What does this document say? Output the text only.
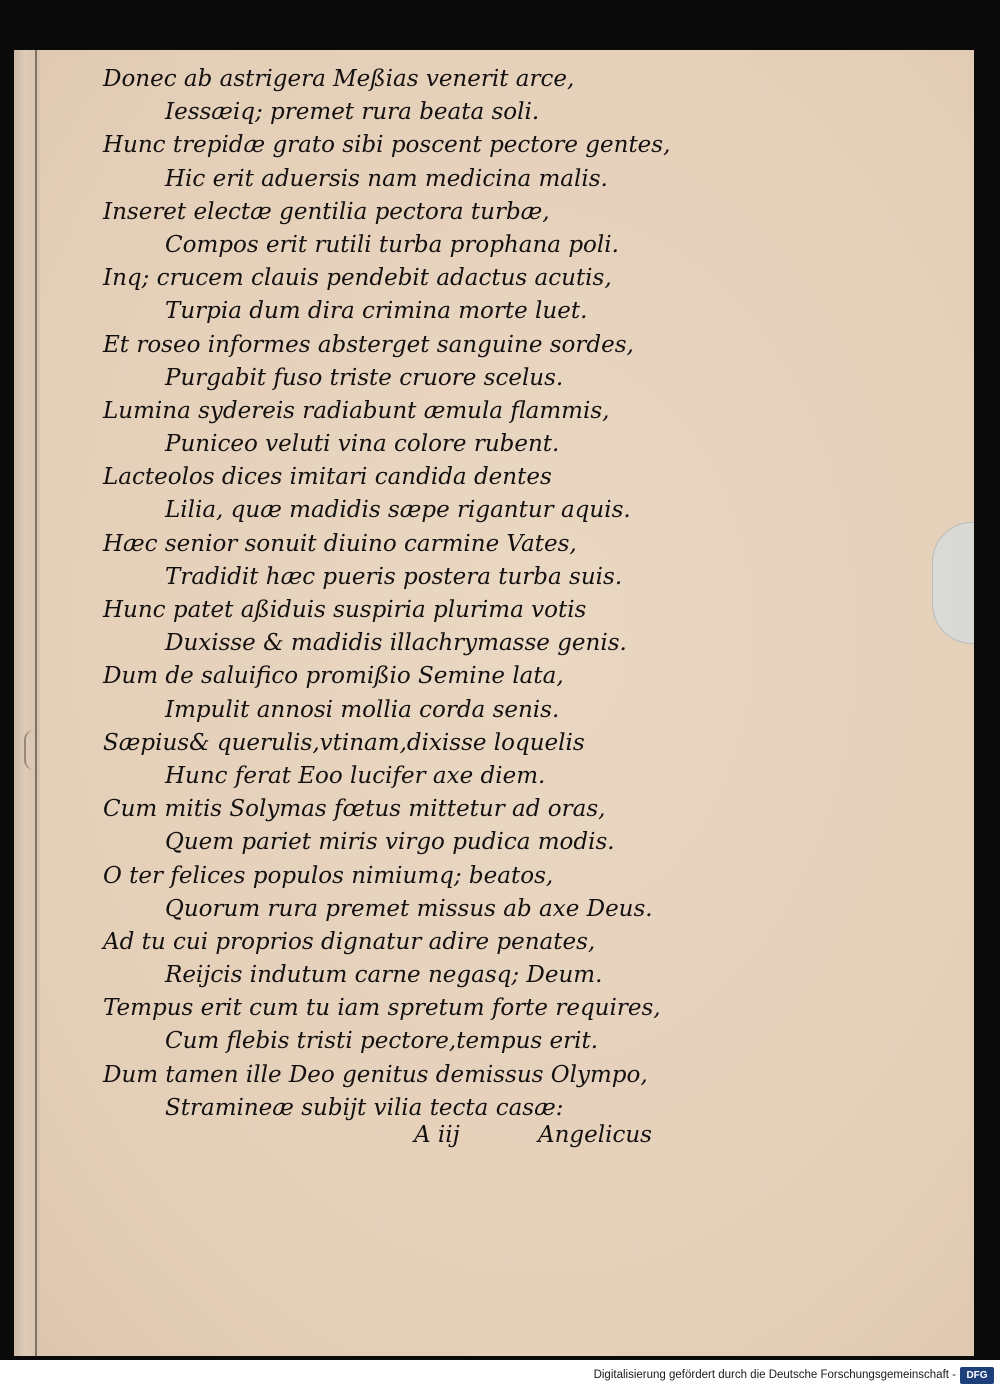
Donec ab astrigera Meßias venerit arce,
Iessæiq; premet rura beata soli.
Hunc trepidæ grato sibi poscent pectore gentes,
Hic erit aduersis nam medicina malis.
Inseret electæ gentilia pectora turbæ,
Compos erit rutili turba prophana poli.
Inq; crucem clauis pendebit adactus acutis,
Turpia dum dira crimina morte luet.
Et roseo informes absterget sanguine sordes,
Purgabit fuso triste cruore scelus.
Lumina sydereis radiabunt æmula flammis,
Puniceo veluti vina colore rubent.
Lacteolos dices imitari candida dentes
Lilia, quæ madidis sæpe rigantur aquis.
Hæc senior sonuit diuino carmine Vates,
Tradidit hæc pueris postera turba suis.
Hunc patet aßiduis suspiria plurima votis
Duxisse & madidis illachrymasse genis.
Dum de saluifico promißio Semine lata,
Impulit annosi mollia corda senis.
Sæpius& querulis,vtinam,dixisse loquelis
Hunc ferat Eoo lucifer axe diem.
Cum mitis Solymas fœtus mittetur ad oras,
Quem pariet miris virgo pudica modis.
O ter felices populos nimiumq; beatos,
Quorum rura premet missus ab axe Deus.
Ad tu cui proprios dignatur adire penates,
Reijcis indutum carne negasq; Deum.
Tempus erit cum tu iam spretum forte requires,
Cum flebis tristi pectore,tempus erit.
Dum tamen ille Deo genitus demissus Olympo,
Stramineæ subijt vilia tecta casæ:
A iij	Angelicus
Digitalisierung gefördert durch die Deutsche Forschungsgemeinschaft -	DFG
